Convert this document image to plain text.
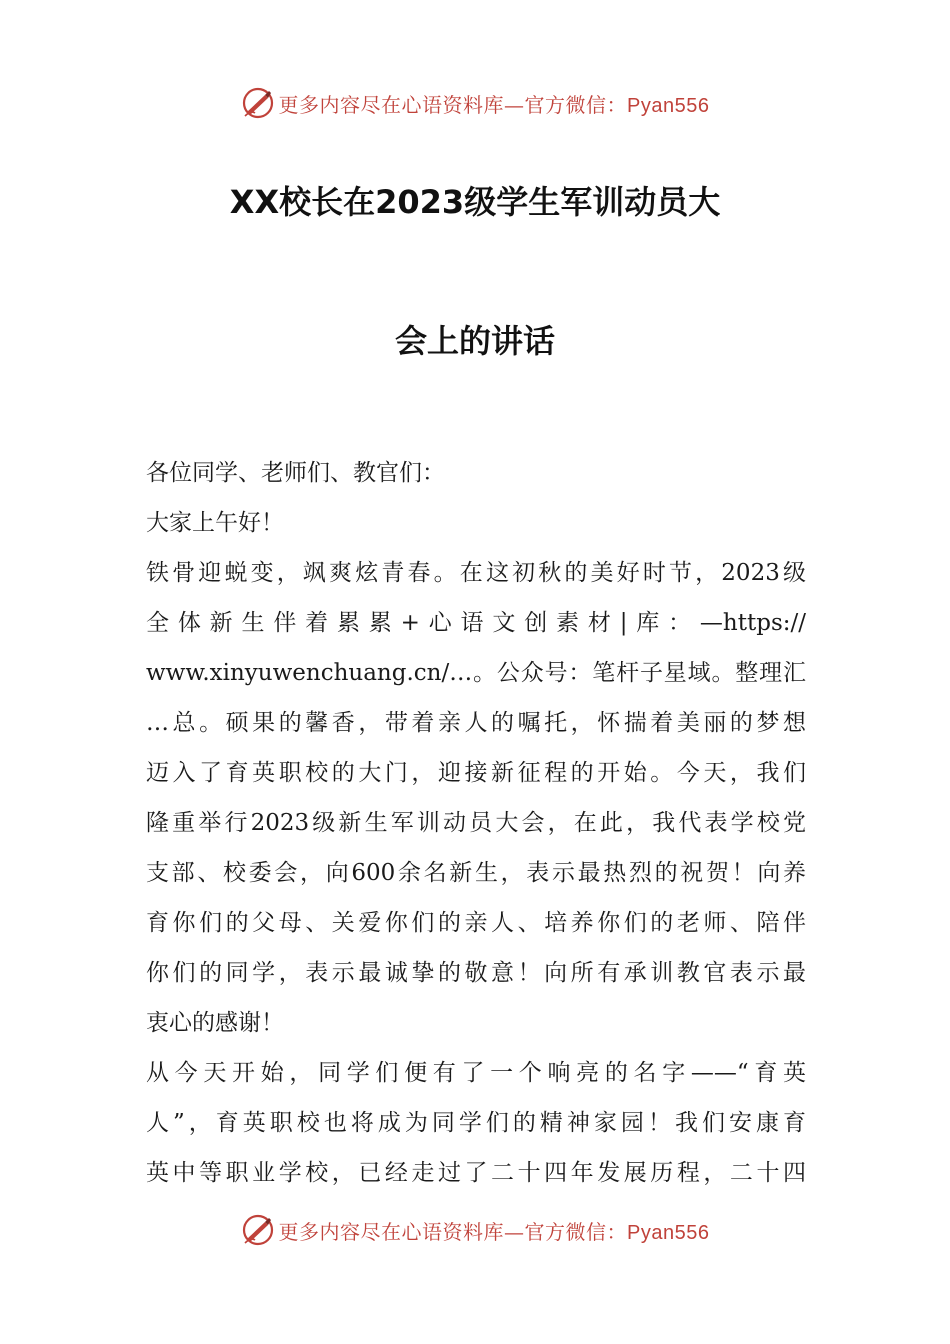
更多内容尽在心语资料库—官方微信：Pyan556
XX校长在2023级学生军训动员大
会上的讲话
各位同学、老师们、教官们：
大家上午好！
铁骨迎蜕变，飒爽炫青春。在这初秋的美好时节，2023级
全体新生伴着累累+心语文创素材|库：—https://
www.xinyuwenchuang.cn/…。公众号：笔杆子星域。整理汇
…总。硕果的馨香，带着亲人的嘱托，怀揣着美丽的梦想
迈入了育英职校的大门，迎接新征程的开始。今天，我们
隆重举行2023级新生军训动员大会，在此，我代表学校党
支部、校委会，向600余名新生，表示最热烈的祝贺！向养
育你们的父母、关爱你们的亲人、培养你们的老师、陪伴
你们的同学，表示最诚挚的敬意！向所有承训教官表示最
衷心的感谢！
从今天开始，同学们便有了一个响亮的名字——“育英
人”，育英职校也将成为同学们的精神家园！我们安康育
英中等职业学校，已经走过了二十四年发展历程，二十四
更多内容尽在心语资料库—官方微信：Pyan556
